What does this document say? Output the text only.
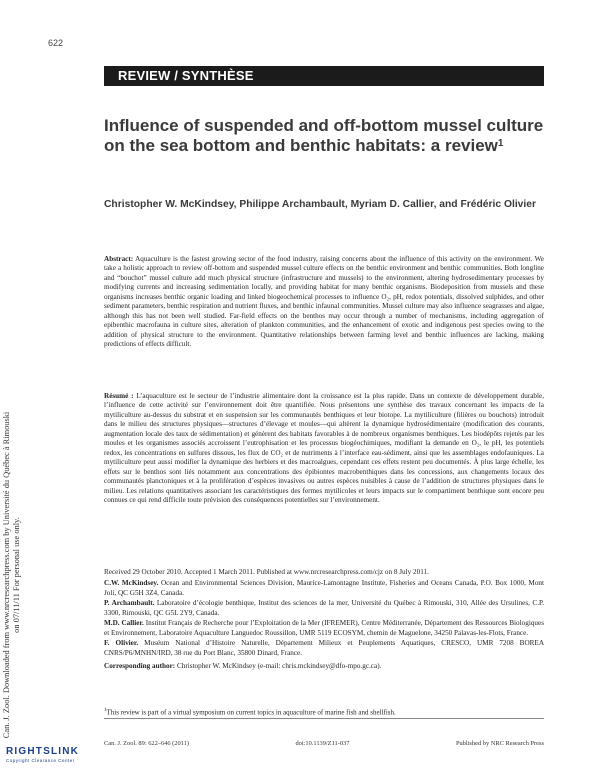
Can. J. Zool. Downloaded from www.nrcresearchpress.com by Université du Québec à Rimouski on 07/11/11 For personal use only.
622
REVIEW / SYNTHÈSE
Influence of suspended and off-bottom mussel culture on the sea bottom and benthic habitats: a review$^1$
Christopher W. McKindsey, Philippe Archambault, Myriam D. Callier, and Frédéric Olivier

Abstract: Aquaculture is the fastest growing sector of the food industry, raising concerns about the influence of this activity on the environment. We take a holistic approach to review off-bottom and suspended mussel culture effects on the benthic environment and benthic communities. Both longline and “bouchot” mussel culture add much physical structure (infrastructure and mussels) to the environment, altering hydrosedimentary processes by modifying currents and increasing sedimentation locally, and providing habitat for many benthic organisms. Biodeposition from mussels and these organisms increases benthic organic loading and linked biogeochemical processes to influence O₂, pH, redox potentials, dissolved sulphides, and other sediment parameters, benthic respiration and nutrient fluxes, and benthic infaunal communities. Mussel culture may also influence seagrasses and algae, although this has not been well studied. Far-field effects on the benthos may occur through a number of mechanisms, including aggregation of epibenthic macrofauna in culture sites, alteration of plankton communities, and the enhancement of exotic and indigenous pest species owing to the addition of physical structure to the environment. Quantitative relationships between farming level and benthic influences are lacking, making predictions of effects difficult.

Résumé : L’aquaculture est le secteur de l’industrie alimentaire dont la croissance est la plus rapide. Dans un contexte de développement durable, l’influence de cette activité sur l’environnement doit être quantifiée. Nous présentons une synthèse des travaux concernant les impacts de la mytiliculture au-dessus du substrat et en suspension sur les communautés benthiques et leur biotope. La mytiliculture (filières ou bouchots) introduit dans le milieu des structures physiques—structures d’élevage et moules—qui altèrent la dynamique hydrosédimentaire (modification des courants, augmentation locale des taux de sédimentation) et génèrent des habitats favorables à de nombreux organismes benthiques. Les biodépôts rejetés par les moules et les organismes associés accroissent l’eutrophisation et les processus biogéochimiques, modifiant la demande en O₂, le pH, les potentiels redox, les concentrations en sulfures dissous, les flux de CO₂ et de nutriments à l’interface eau-sédiment, ainsi que les assemblages endofauniques. La mytiliculture peut aussi modifier la dynamique des herbiers et des macroalgues, cependant ces effets restent peu documentés. À plus large échelle, les effets sur le benthos sont liés notamment aux concentrations des épibiontes macrobenthiques dans les concessions, aux changements locaux des communautés planctoniques et à la prolifération d’espèces invasives ou autres espèces nuisibles à cause de l’addition de structures physiques dans le milieu. Les relations quantitatives associant les caractéristiques des fermes mytilicoles et leurs impacts sur le compartiment benthique sont encore peu connues ce qui rend difficile toute prévision des conséquences potentielles sur l’environnement.

Received 29 October 2010. Accepted 1 March 2011. Published at www.nrcresearchpress.com/cjz on 8 July 2011.

C.W. McKindsey. Ocean and Environmental Sciences Division, Maurice-Lamontagne Institute, Fisheries and Oceans Canada, P.O. Box 1000, Mont Joli, QC G5H 3Z4, Canada.

P. Archambault. Laboratoire d’écologie benthique, Institut des sciences de la mer, Université du Québec à Rimouski, 310, Allée des Ursulines, C.P. 3300, Rimouski, QC G5L 2Y9, Canada.

M.D. Callier. Institut Français de Recherche pour l’Exploitation de la Mer (IFREMER), Centre Méditerranée, Département des Ressources Biologiques et Environnement, Laboratoire Aquaculture Languedoc Roussillon, UMR 5119 ECOSYM, chemin de Maguelone, 34250 Palavas-les-Flots, France.

F. Olivier. Muséum National d’Histoire Naturelle, Département Milieux et Peuplements Aquatiques, CRESCO, UMR 7208 BOREA CNRS/P6/MNHN/IRD, 38 rue du Port Blanc, 35800 Dinard, France.

Corresponding author: Christopher W. McKindsey (e-mail: chris.mckindsey@dfo-mpo.gc.ca).

$^1$This review is part of a virtual symposium on current topics in aquaculture of marine fish and shellfish.
Can. J. Zool. 89: 622–646 (2011)	doi:10.1139/Z11-037	Published by NRC Research Press
RIGHTSLINK
Copyright Clearance Center
